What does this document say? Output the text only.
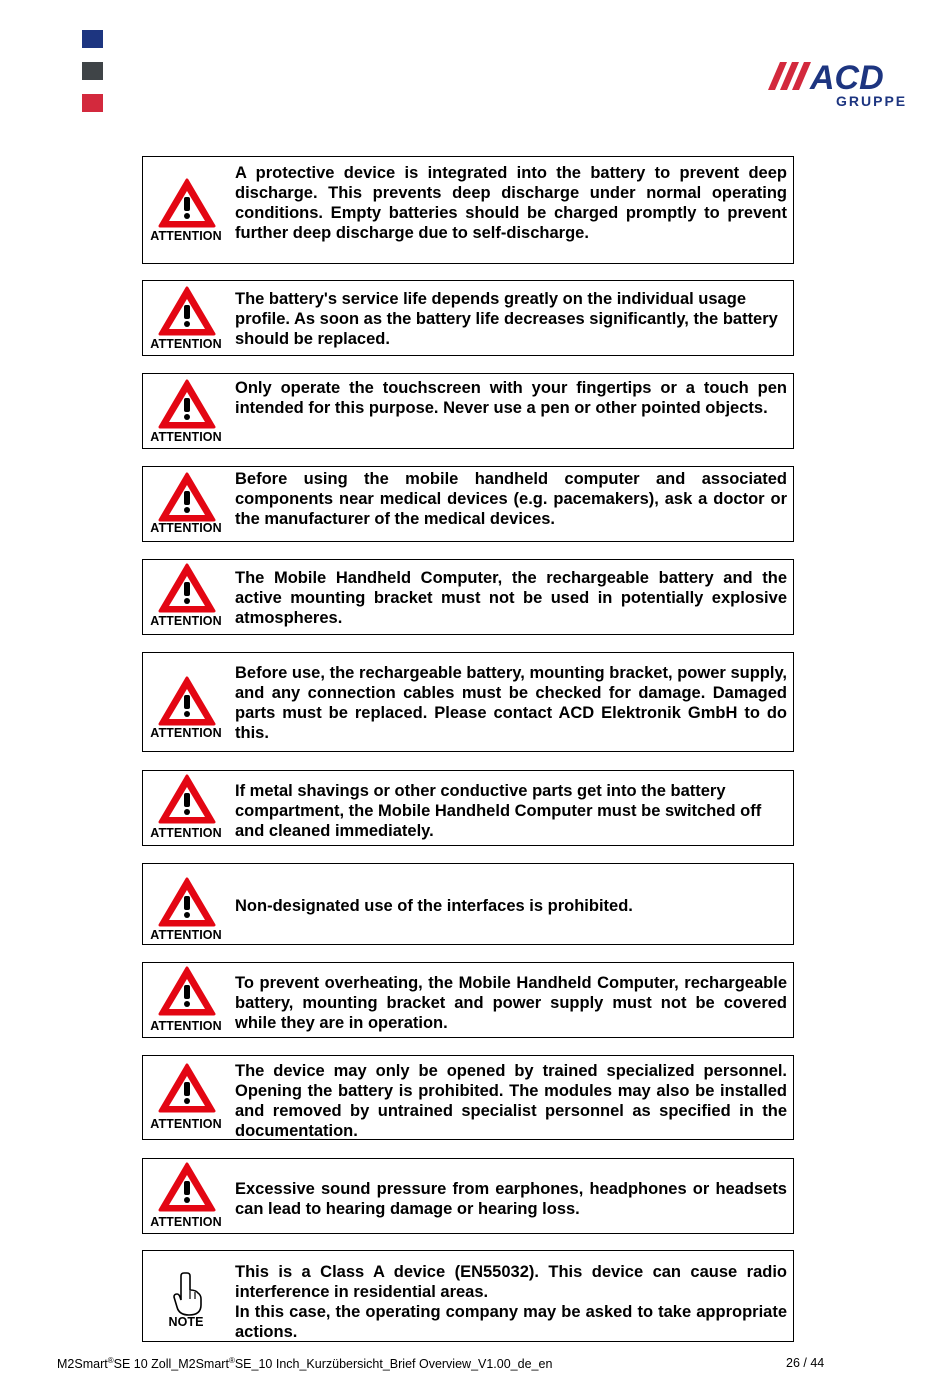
ACD
GRUPPE
ATTENTION

A protective device is integrated into the battery to prevent deep discharge. This prevents deep discharge under normal operating conditions. Empty batteries should be charged promptly to prevent further deep discharge due to self-discharge.

ATTENTION

The battery's service life depends greatly on the individual usage profile. As soon as the battery life decreases significantly, the battery should be replaced.

ATTENTION

Only operate the touchscreen with your fingertips or a touch pen intended for this purpose. Never use a pen or other pointed objects.

ATTENTION

Before using the mobile handheld computer and associated components near medical devices (e.g. pacemakers), ask a doctor or the manufacturer of the medical devices.

ATTENTION

The Mobile Handheld Computer, the rechargeable battery and the active mounting bracket must not be used in potentially explosive atmospheres.

ATTENTION

Before use, the rechargeable battery, mounting bracket, power supply, and any connection cables must be checked for damage. Damaged parts must be replaced. Please contact ACD Elektronik GmbH to do this.

ATTENTION

If metal shavings or other conductive parts get into the battery compartment, the Mobile Handheld Computer must be switched off and cleaned immediately.

ATTENTION

Non-designated use of the interfaces is prohibited.

ATTENTION

To prevent overheating, the Mobile Handheld Computer, rechargeable battery, mounting bracket and power supply must not be covered while they are in operation.

ATTENTION

The device may only be opened by trained specialized personnel. Opening the battery is prohibited. The modules may also be installed and removed by untrained specialist personnel as specified in the documentation.

ATTENTION

Excessive sound pressure from earphones, headphones or headsets can lead to hearing damage or hearing loss.

NOTE

This is a Class A device (EN55032). This device can cause radio interference in residential areas.

In this case, the operating company may be asked to take appropriate actions.

M2Smart®SE 10 Zoll_M2Smart®SE_10 Inch_Kurzübersicht_Brief Overview_V1.00_de_en	26 / 44
